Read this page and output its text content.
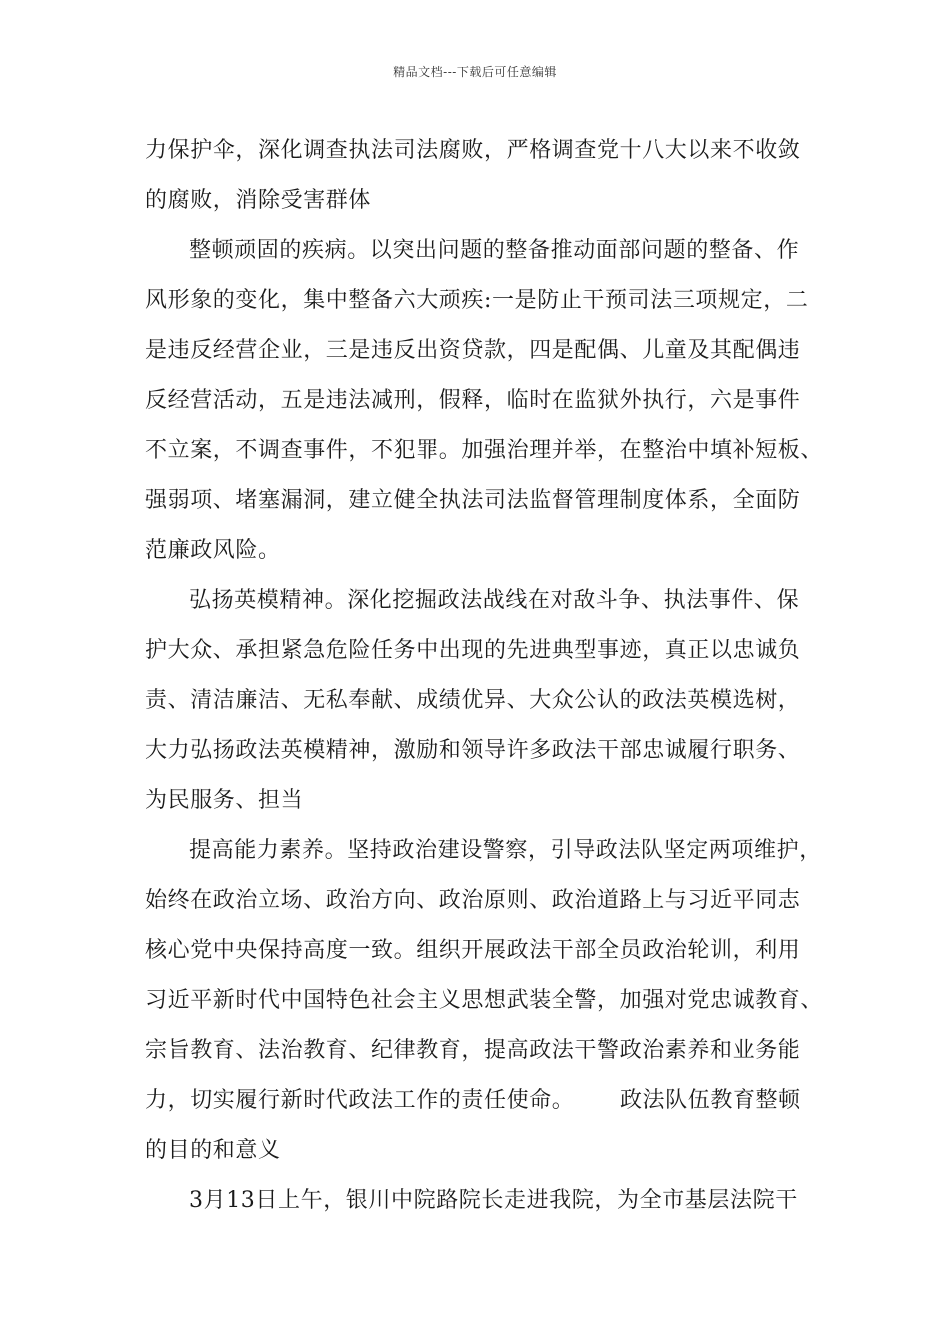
精品文档---下载后可任意编辑
力保护伞，深化调查执法司法腐败，严格调查党十八大以来不收敛
的腐败，消除受害群体
整顿顽固的疾病。以突出问题的整备推动面部问题的整备、作
风形象的变化，集中整备六大顽疾:一是防止干预司法三项规定，二
是违反经营企业，三是违反出资贷款，四是配偶、儿童及其配偶违
反经营活动，五是违法减刑，假释，临时在监狱外执行，六是事件
不立案，不调查事件，不犯罪。加强治理并举，在整治中填补短板、
强弱项、堵塞漏洞，建立健全执法司法监督管理制度体系，全面防
范廉政风险。
弘扬英模精神。深化挖掘政法战线在对敌斗争、执法事件、保
护大众、承担紧急危险任务中出现的先进典型事迹，真正以忠诚负
责、清洁廉洁、无私奉献、成绩优异、大众公认的政法英模选树，
大力弘扬政法英模精神，激励和领导许多政法干部忠诚履行职务、
为民服务、担当
提高能力素养。坚持政治建设警察，引导政法队坚定两项维护，
始终在政治立场、政治方向、政治原则、政治道路上与习近平同志
核心党中央保持高度一致。组织开展政法干部全员政治轮训，利用
习近平新时代中国特色社会主义思想武装全警，加强对党忠诚教育、
宗旨教育、法治教育、纪律教育，提高政法干警政治素养和业务能
力，切实履行新时代政法工作的责任使命。      政法队伍教育整顿
的目的和意义
3月13日上午，银川中院路院长走进我院，为全市基层法院干
